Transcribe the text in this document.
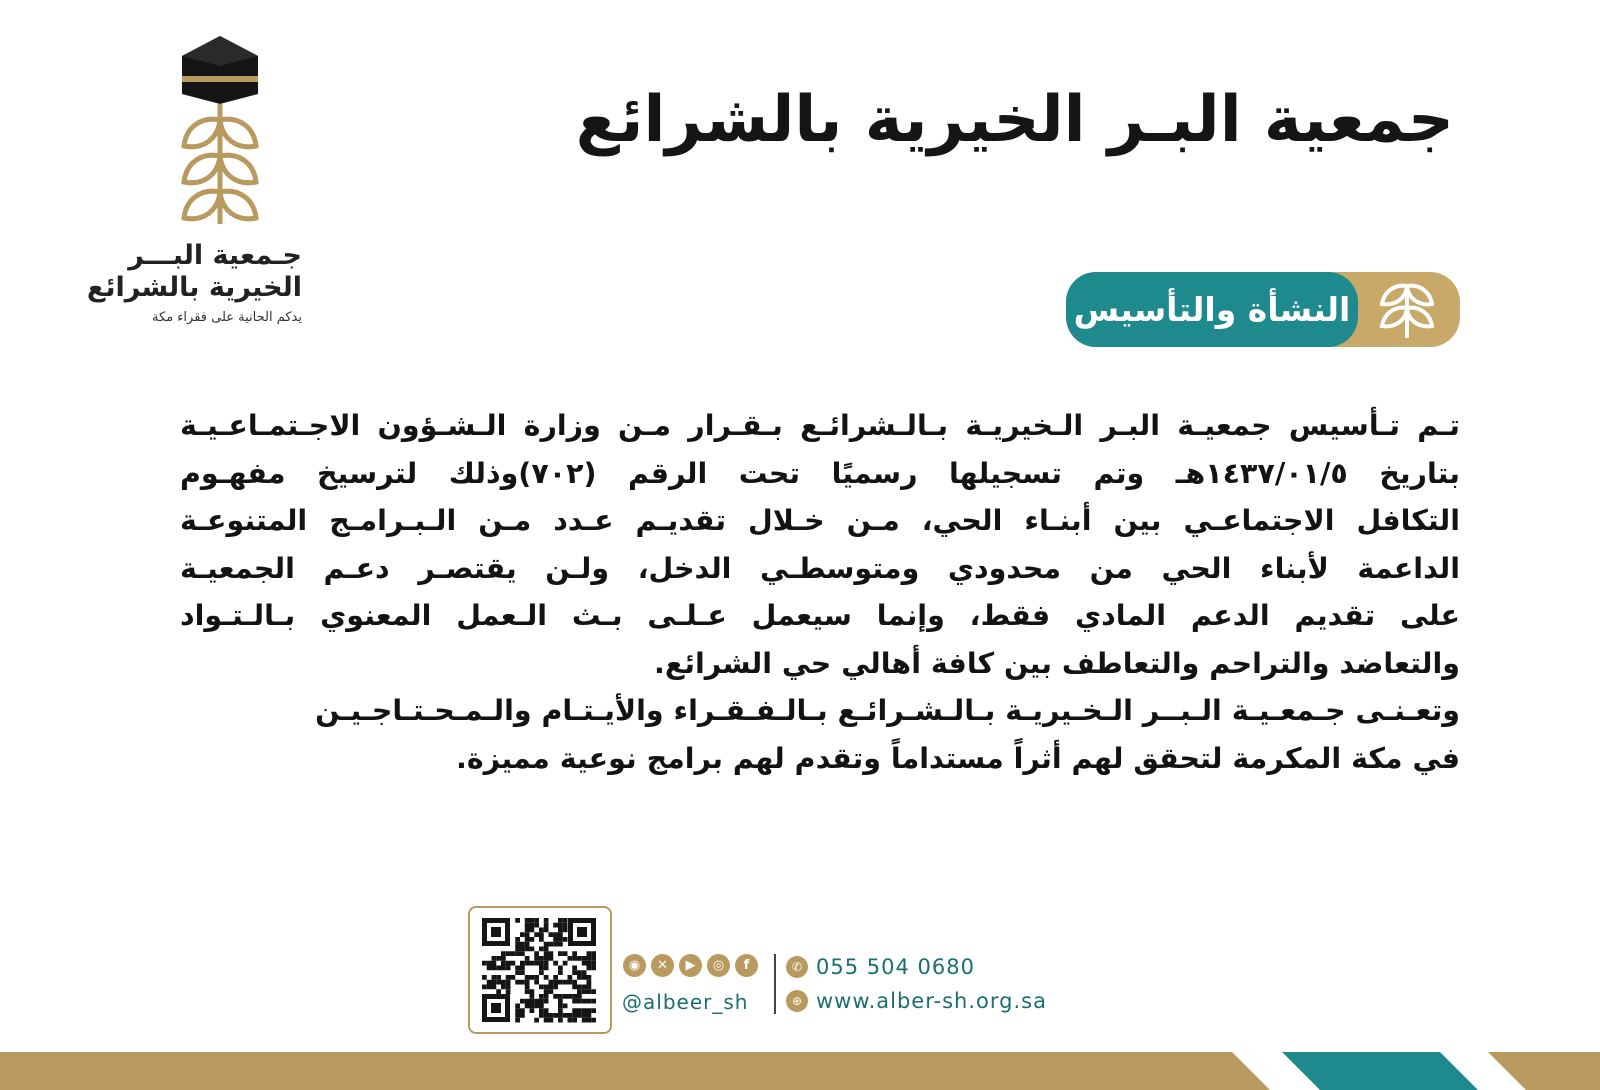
جـمعية البـــر
الخيرية بالشرائع
يدكم الحانية على فقراء مكة
جمعية البـر الخيرية بالشرائع
النشأة والتأسيس
تـم تـأسيس جمعيـة البـر الـخيريـة بـالـشرائـع بـقـرار مـن وزارة الـشـؤون الاجـتمـاعـيـة
بتاريخ ١٤٣٧/٠١/٥هـ وتم تسجيلها رسميًا تحت الرقم (٧٠٢)وذلك لترسيخ مفهـوم
التكافل الاجتماعـي بين أبنـاء الحي، مـن خـلال تقديـم عـدد مـن الـبـرامـج المتنوعـة
الداعمة لأبناء الحي من محدودي ومتوسطـي الدخل، ولـن يقتصـر دعـم الجمعيـة
على تقديم الدعم المادي فقط، وإنما سيعمل عـلـى بـث الـعمل المعنوي بـالـتـواد
والتعاضد والتراحم والتعاطف بين كافة أهالي حي الشرائع.
وتعـنـى جـمعـيـة الـبــر الـخـيريـة بـالـشـرائـع بـالـفـقـراء والأيـتـام والـمـحـتـاجـيـن
في مكة المكرمة لتحقق لهم أثراً مستداماً وتقدم لهم برامج نوعية مميزة.
◉	✕	▶	◎	f
@albeer_sh
✆ 055 504 0680
⊕ www.alber-sh.org.sa
